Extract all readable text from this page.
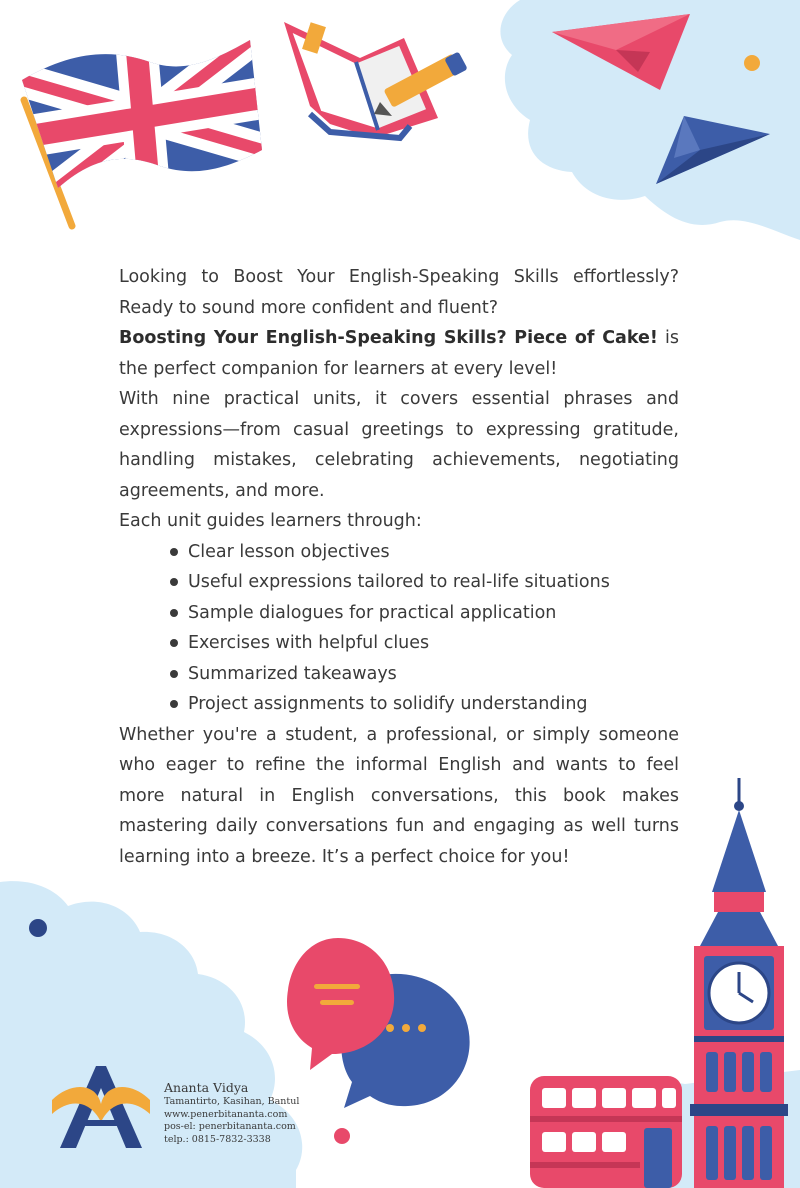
Looking to Boost Your English-Speaking Skills effortlessly? Ready to sound more confident and fluent?

Boosting Your English-Speaking Skills? Piece of Cake! is the perfect companion for learners at every level!

With nine practical units, it covers essential phrases and expressions—from casual greetings to expressing gratitude, handling mistakes, celebrating achievements, negotiating agreements, and more.

Each unit guides learners through:

Clear lesson objectives
Useful expressions tailored to real-life situations
Sample dialogues for practical application
Exercises with helpful clues
Summarized takeaways
Project assignments to solidify understanding

Whether you're a student, a professional, or simply someone who eager to refine the informal English and wants to feel more natural in English conversations, this book makes mastering daily conversations fun and engaging as well turns learning into a breeze. It’s a perfect choice for you!

Ananta Vidya
Tamantirto, Kasihan, Bantul
www.penerbitananta.com
pos-el: penerbitananta.com
telp.: 0815-7832-3338
